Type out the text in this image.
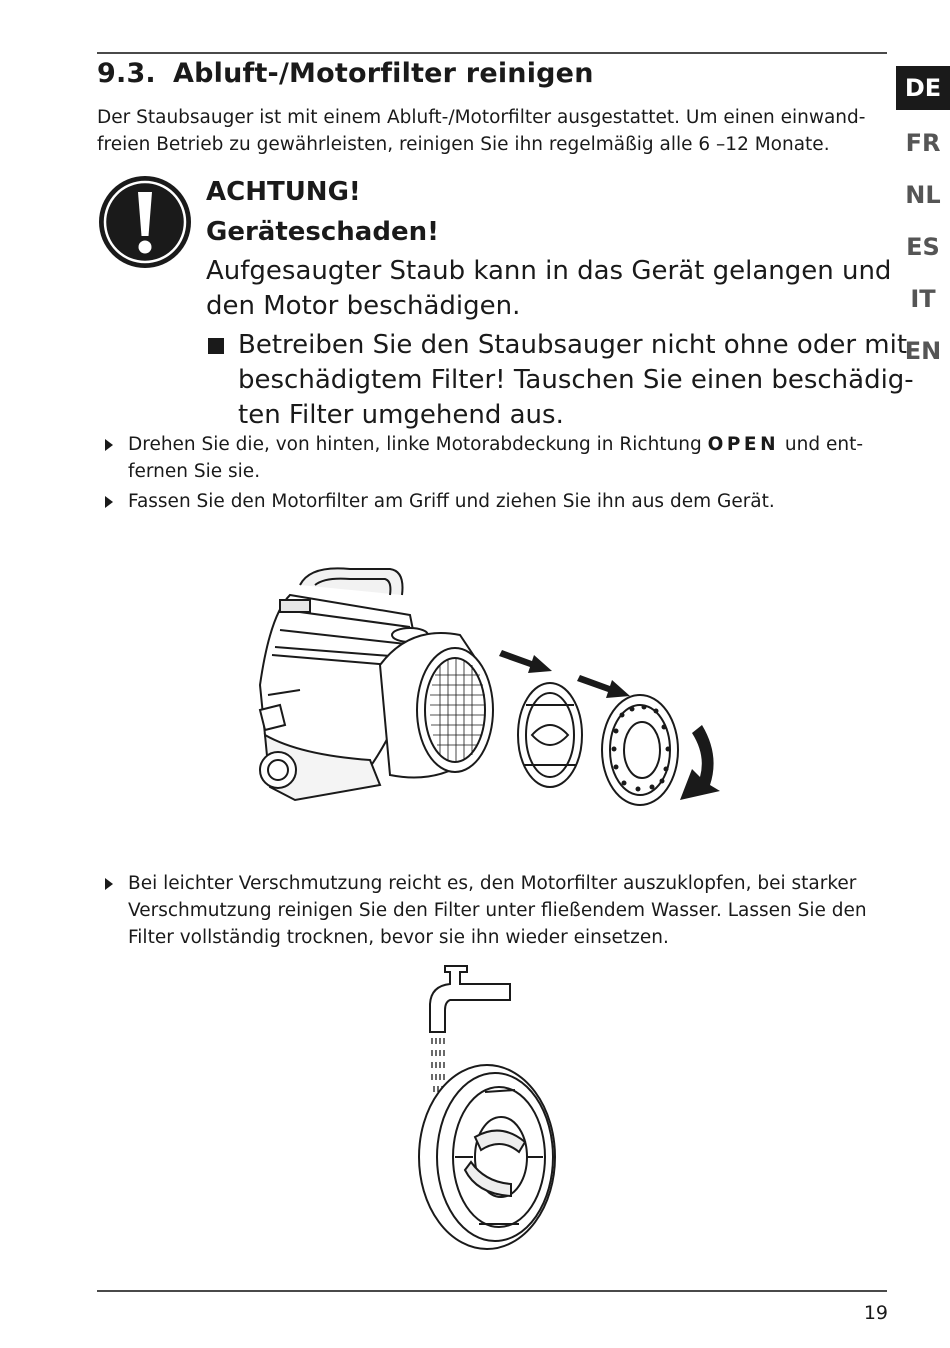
9.3. Abluft-/Motorfilter reinigen
Der Staubsauger ist mit einem Abluft-/Motorfilter ausgestattet. Um einen einwand-
freien Betrieb zu gewährleisten, reinigen Sie ihn regelmäßig alle 6 –12 Monate.
ACHTUNG!
Geräteschaden!
Aufgesaugter Staub kann in das Gerät gelangen und
den Motor beschädigen.
Betreiben Sie den Staubsauger nicht ohne oder mit
beschädigtem Filter! Tauschen Sie einen beschädig-
ten Filter umgehend aus.
Drehen Sie die, von hinten, linke Motorabdeckung in Richtung OPEN und ent-
fernen Sie sie.
Fassen Sie den Motorfilter am Griff und ziehen Sie ihn aus dem Gerät.
Bei leichter Verschmutzung reicht es, den Motorfilter auszuklopfen, bei starker
Verschmutzung reinigen Sie den Filter unter fließendem Wasser. Lassen Sie den
Filter vollständig trocknen, bevor sie ihn wieder einsetzen.
DE
FR
NL
ES
IT
EN
19
